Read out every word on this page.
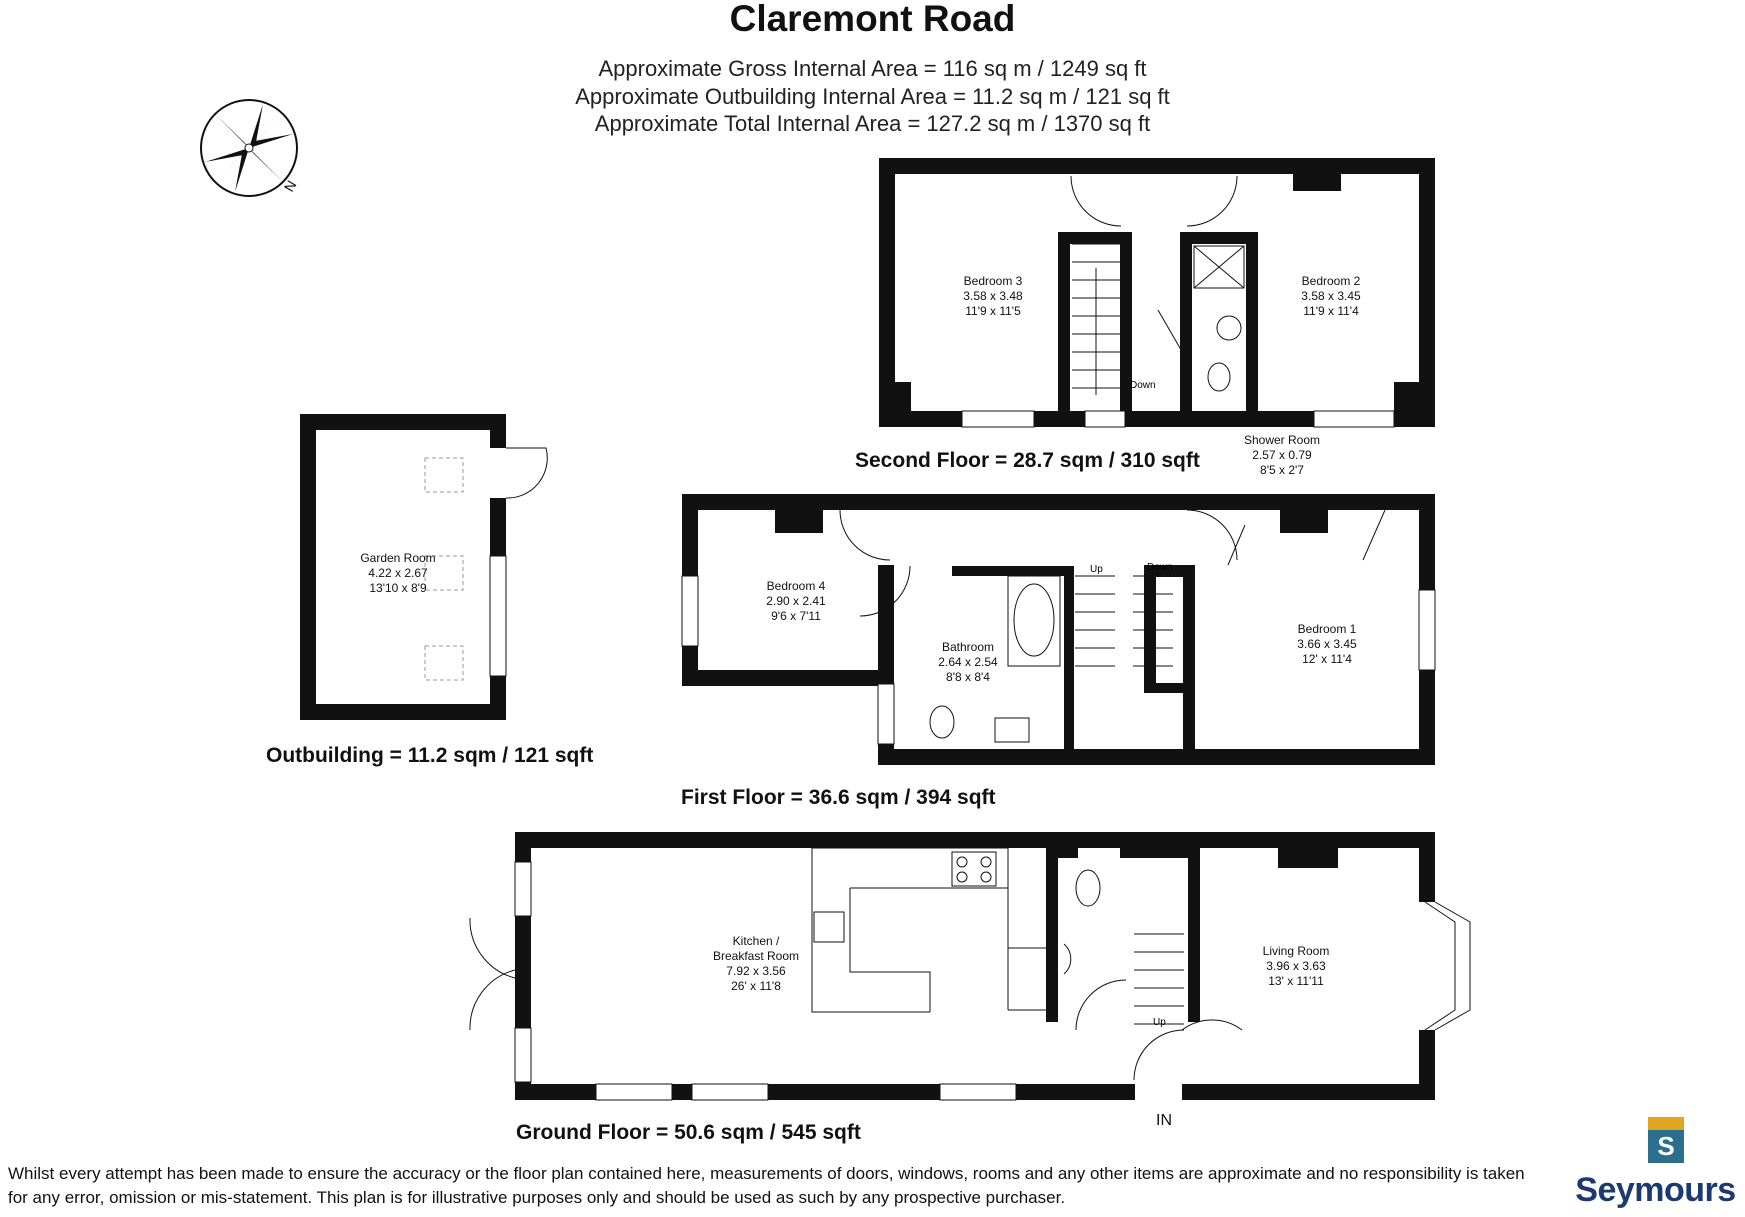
Claremont Road
Approximate Gross Internal Area = 116 sq m / 1249 sq ft
Approximate Outbuilding Internal Area = 11.2 sq m / 121 sq ft
Approximate Total Internal Area = 127.2 sq m / 1370 sq ft
Down
Up	Down
Up
S
N
Bedroom 3
3.58 x 3.48
11'9 x 11'5
Bedroom 2
3.58 x 3.45
11'9 x 11'4
Shower Room
2.57 x 0.79
8'5 x 2'7
Garden Room
4.22 x 2.67
13'10 x 8'9	Bedroom 4
2.90 x 2.41
9'6 x 7'11
Bathroom
2.64 x 2.54
8'8 x 8'4
Bedroom 1
3.66 x 3.45
12' x 11'4
Kitchen /
Breakfast Room
7.92 x 3.56
26' x 11'8
Living Room
3.96 x 3.63
13' x 11'11
Second Floor = 28.7 sqm / 310 sqft
Outbuilding = 11.2 sqm / 121 sqft
First Floor = 36.6 sqm / 394 sqft
Ground Floor = 50.6 sqm / 545 sqft
IN
Whilst every attempt has been made to ensure the accuracy or the floor plan contained here, measurements of doors, windows, rooms and any other items are approximate and no responsibility is taken for any error, omission or mis-statement. This plan is for illustrative purposes only and should be used as such by any prospective purchaser.	Seymours
